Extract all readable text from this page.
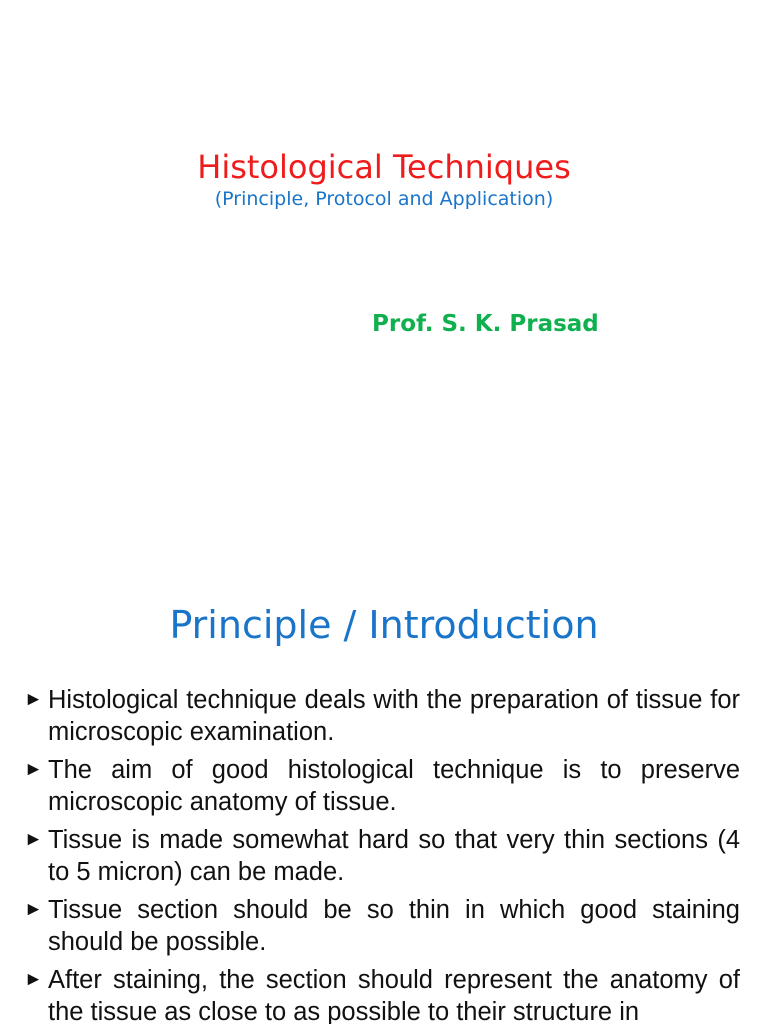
Histological Techniques
(Principle, Protocol and Application)

Prof. S. K. Prasad

Principle / Introduction
► Histological technique deals with the preparation of tissue for microscopic examination.
► The aim of good histological technique is to preserve microscopic anatomy of tissue.
► Tissue is made somewhat hard so that very thin sections (4 to 5 micron) can be made.
► Tissue section should be so thin in which good staining should be possible.
► After staining, the section should represent the anatomy of the tissue as close to as possible to their structure in
